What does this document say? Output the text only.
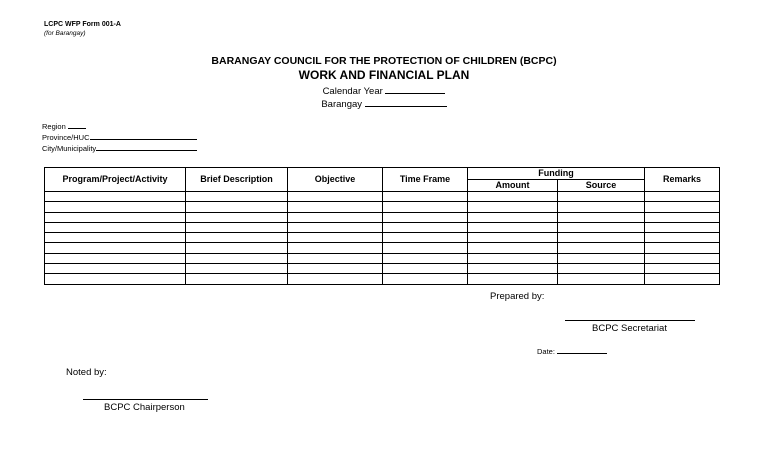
LCPC WFP Form 001-A
(for Barangay)
BARANGAY COUNCIL FOR THE PROTECTION OF CHILDREN (BCPC)
WORK AND FINANCIAL PLAN
Calendar Year
Barangay
Region
Province/HUC
City/Municipality
Program/Project/Activity	Brief Description	Objective	Time Frame	Funding		Remarks
				Amount	Source	

Prepared by:
BCPC Secretariat
Date:
Noted by:
BCPC Chairperson
